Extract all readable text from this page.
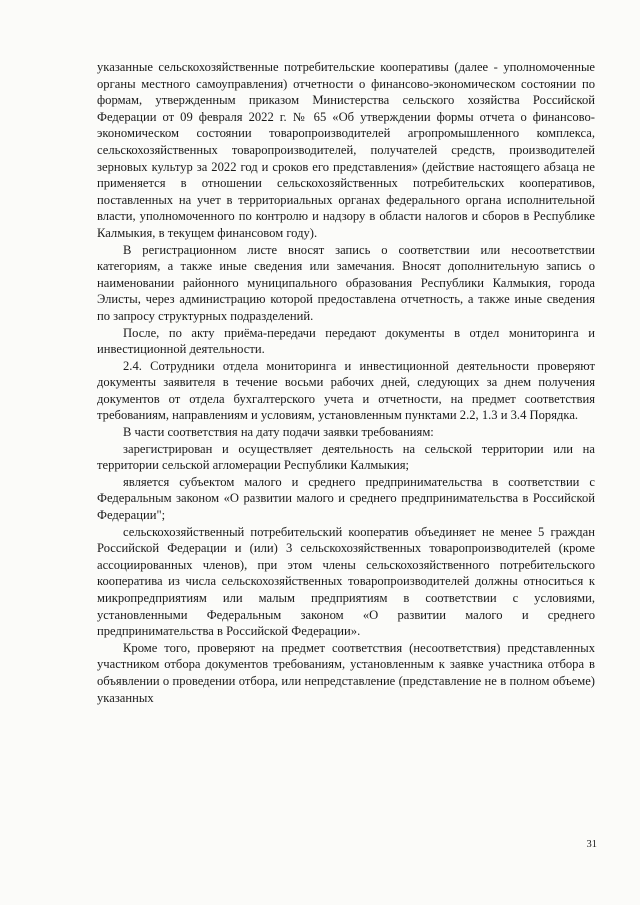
указанные сельскохозяйственные потребительские кооперативы (далее - уполномоченные органы местного самоуправления) отчетности о финансово-экономическом состоянии по формам, утвержденным приказом Министерства сельского хозяйства Российской Федерации от 09 февраля 2022 г. № 65 «Об утверждении формы отчета о финансово-экономическом состоянии товаропроизводителей агропромышленного комплекса, сельскохозяйственных товаропроизводителей, получателей средств, производителей зерновых культур за 2022 год и сроков его представления» (действие настоящего абзаца не применяется в отношении сельскохозяйственных потребительских кооперативов, поставленных на учет в территориальных органах федерального органа исполнительной власти, уполномоченного по контролю и надзору в области налогов и сборов в Республике Калмыкия, в текущем финансовом году).

В регистрационном листе вносят запись о соответствии или несоответствии категориям, а также иные сведения или замечания. Вносят дополнительную запись о наименовании районного муниципального образования Республики Калмыкия, города Элисты, через администрацию которой предоставлена отчетность, а также иные сведения по запросу структурных подразделений.

После, по акту приёма-передачи передают документы в отдел мониторинга и инвестиционной деятельности.

2.4. Сотрудники отдела мониторинга и инвестиционной деятельности проверяют документы заявителя в течение восьми рабочих дней, следующих за днем получения документов от отдела бухгалтерского учета и отчетности, на предмет соответствия требованиям, направлениям и условиям, установленным пунктами 2.2, 1.3 и 3.4 Порядка.

В части соответствия на дату подачи заявки требованиям:

зарегистрирован и осуществляет деятельность на сельской территории или на территории сельской агломерации Республики Калмыкия;

является субъектом малого и среднего предпринимательства в соответствии с Федеральным законом «О развитии малого и среднего предпринимательства в Российской Федерации";

сельскохозяйственный потребительский кооператив объединяет не менее 5 граждан Российской Федерации и (или) 3 сельскохозяйственных товаропроизводителей (кроме ассоциированных членов), при этом члены сельскохозяйственного потребительского кооператива из числа сельскохозяйственных товаропроизводителей должны относиться к микропредприятиям или малым предприятиям в соответствии с условиями, установленными Федеральным законом «О развитии малого и среднего предпринимательства в Российской Федерации».

Кроме того, проверяют на предмет соответствия (несоответствия) представленных участником отбора документов требованиям, установленным к заявке участника отбора в объявлении о проведении отбора, или непредставление (представление не в полном объеме) указанных

31
